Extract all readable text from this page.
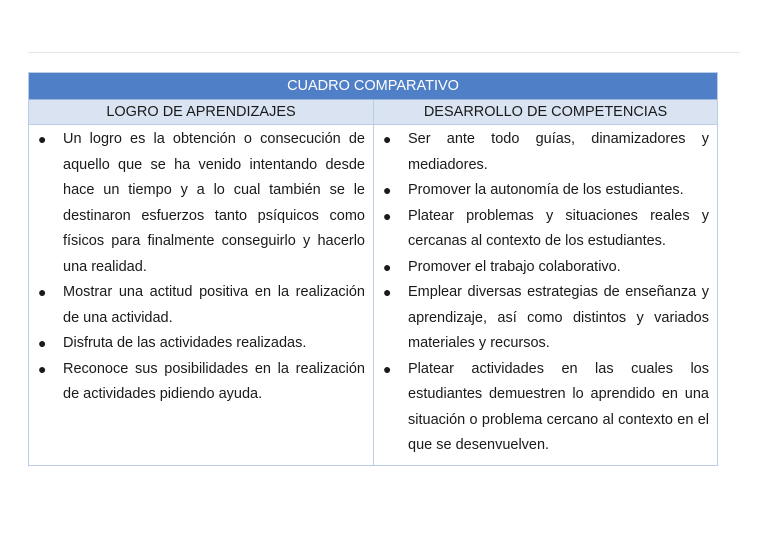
CUADRO COMPARATIVO
LOGRO DE APRENDIZAJES	DESARROLLO DE COMPETENCIAS
● Un logro es la obtención o consecución de aquello que se ha venido intentando desde hace un tiempo y a lo cual también se le destinaron esfuerzos tanto psíquicos como físicos para finalmente conseguirlo y hacerlo una realidad.
● Mostrar una actitud positiva en la realización de una actividad.
● Disfruta de las actividades realizadas.
● Reconoce sus posibilidades en la realización de actividades pidiendo ayuda.
● Ser ante todo guías, dinamizadores y mediadores.
● Promover la autonomía de los estudiantes.
● Platear problemas y situaciones reales y cercanas al contexto de los estudiantes.
● Promover el trabajo colaborativo.
● Emplear diversas estrategias de enseñanza y aprendizaje, así como distintos y variados materiales y recursos.
● Platear actividades en las cuales los estudiantes demuestren lo aprendido en una situación o problema cercano al contexto en el que se desenvuelven.
